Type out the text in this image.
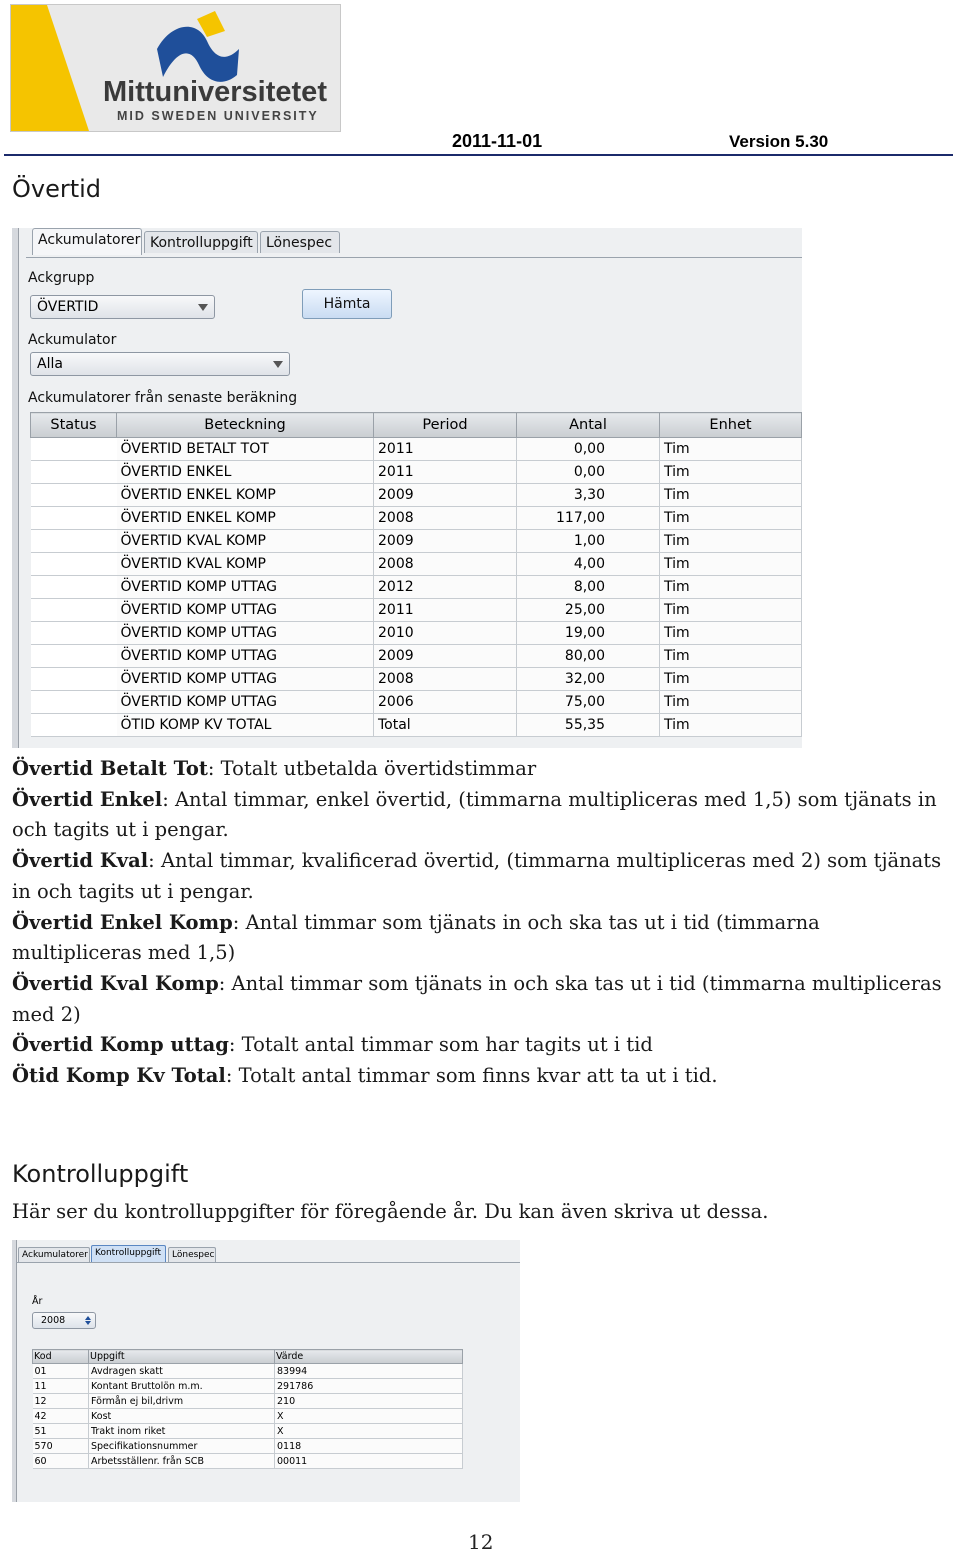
Mittuniversitetet
MID SWEDEN UNIVERSITY
2011-11-01	Version 5.30
Övertid
Ackumulatorer Kontrolluppgift Lönespec
Ackgrupp
ÖVERTID	Hämta
Ackumulator
Alla
Ackumulatorer från senaste beräkning
Status	Beteckning	Period	Antal	Enhet
	ÖVERTID BETALT TOT	2011	0,00	Tim
	ÖVERTID ENKEL	2011	0,00	Tim
	ÖVERTID ENKEL KOMP	2009	3,30	Tim
	ÖVERTID ENKEL KOMP	2008	117,00	Tim
	ÖVERTID KVAL KOMP	2009	1,00	Tim
	ÖVERTID KVAL KOMP	2008	4,00	Tim
	ÖVERTID KOMP UTTAG	2012	8,00	Tim
	ÖVERTID KOMP UTTAG	2011	25,00	Tim
	ÖVERTID KOMP UTTAG	2010	19,00	Tim
	ÖVERTID KOMP UTTAG	2009	80,00	Tim
	ÖVERTID KOMP UTTAG	2008	32,00	Tim
	ÖVERTID KOMP UTTAG	2006	75,00	Tim
	ÖTID KOMP KV TOTAL	Total	55,35	Tim

Övertid Betalt Tot: Totalt utbetalda övertidstimmar

Övertid Enkel: Antal timmar, enkel övertid, (timmarna multipliceras med 1,5) som tjänats in och tagits ut i pengar.

Övertid Kval: Antal timmar, kvalificerad övertid, (timmarna multipliceras med 2) som tjänats in och tagits ut i pengar.

Övertid Enkel Komp: Antal timmar som tjänats in och ska tas ut i tid (timmarna multipliceras med 1,5)

Övertid Kval Komp: Antal timmar som tjänats in och ska tas ut i tid (timmarna multipliceras med 2)

Övertid Komp uttag: Totalt antal timmar som har tagits ut i tid

Ötid Komp Kv Total: Totalt antal timmar som finns kvar att ta ut i tid.

Kontrolluppgift
Här ser du kontrolluppgifter för föregående år. Du kan även skriva ut dessa.
Ackumulatorer Kontrolluppgift	Lönespec
År
2008
Kod	Uppgift	Värde
01	Avdragen skatt	83994
11	Kontant Bruttolön m.m.	291786
12	Förmån ej bil,drivm	210
42	Kost	X
51	Trakt inom riket	X
570	Specifikationsnummer	0118
60	Arbetsställenr. från SCB	00011
12
